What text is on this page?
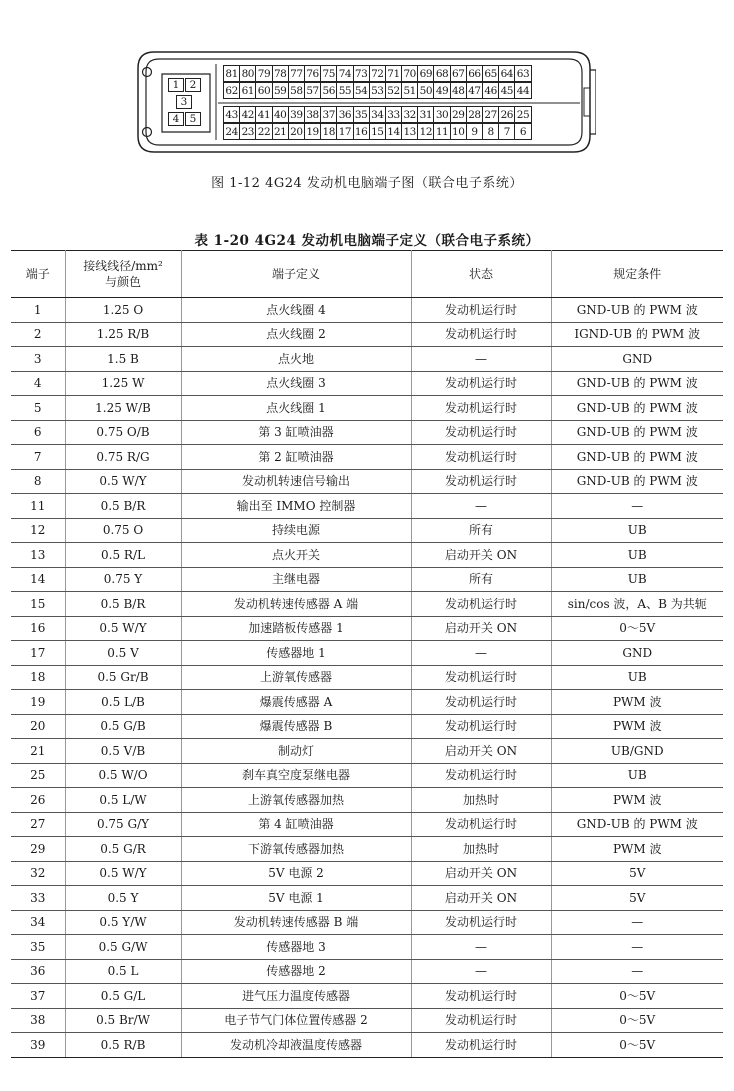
1 2
3
4 5
81 80 79 78 77 76 75 74 73 72 71 70 69 68 67 66 65 64 63
62 61 60 59 58 57 56 55 54 53 52 51 50 49 48 47 46 45 44
43 42 41 40 39 38 37 36 35 34 33 32 31 30 29 28 27 26 25
24 23 22 21 20 19 18 17 16 15 14 13 12 11 10 9 8 7 6
图 1-12 4G24 发动机电脑端子图（联合电子系统）
表 1-20 4G24 发动机电脑端子定义（联合电子系统）
端子	接线线径/mm²
与颜色	端子定义	状态	规定条件
1	1.25 O	点火线圈 4	发动机运行时	GND-UB 的 PWM 波
2	1.25 R/B	点火线圈 2	发动机运行时	IGND-UB 的 PWM 波
3	1.5 B	点火地	—	GND
4	1.25 W	点火线圈 3	发动机运行时	GND-UB 的 PWM 波
5	1.25 W/B	点火线圈 1	发动机运行时	GND-UB 的 PWM 波
6	0.75 O/B	第 3 缸喷油器	发动机运行时	GND-UB 的 PWM 波
7	0.75 R/G	第 2 缸喷油器	发动机运行时	GND-UB 的 PWM 波
8	0.5 W/Y	发动机转速信号输出	发动机运行时	GND-UB 的 PWM 波
11	0.5 B/R	输出至 IMMO 控制器	—	—
12	0.75 O	持续电源	所有	UB
13	0.5 R/L	点火开关	启动开关 ON	UB
14	0.75 Y	主继电器	所有	UB
15	0.5 B/R	发动机转速传感器 A 端	发动机运行时	sin/cos 波，A、B 为共轭
16	0.5 W/Y	加速踏板传感器 1	启动开关 ON	0～5V
17	0.5 V	传感器地 1	—	GND
18	0.5 Gr/B	上游氧传感器	发动机运行时	UB
19	0.5 L/B	爆震传感器 A	发动机运行时	PWM 波
20	0.5 G/B	爆震传感器 B	发动机运行时	PWM 波
21	0.5 V/B	制动灯	启动开关 ON	UB/GND
25	0.5 W/O	刹车真空度泵继电器	发动机运行时	UB
26	0.5 L/W	上游氧传感器加热	加热时	PWM 波
27	0.75 G/Y	第 4 缸喷油器	发动机运行时	GND-UB 的 PWM 波
29	0.5 G/R	下游氧传感器加热	加热时	PWM 波
32	0.5 W/Y	5V 电源 2	启动开关 ON	5V
33	0.5 Y	5V 电源 1	启动开关 ON	5V
34	0.5 Y/W	发动机转速传感器 B 端	发动机运行时	—
35	0.5 G/W	传感器地 3	—	—
36	0.5 L	传感器地 2	—	—
37	0.5 G/L	进气压力温度传感器	发动机运行时	0～5V
38	0.5 Br/W	电子节气门体位置传感器 2	发动机运行时	0～5V
39	0.5 R/B	发动机冷却液温度传感器	发动机运行时	0～5V
